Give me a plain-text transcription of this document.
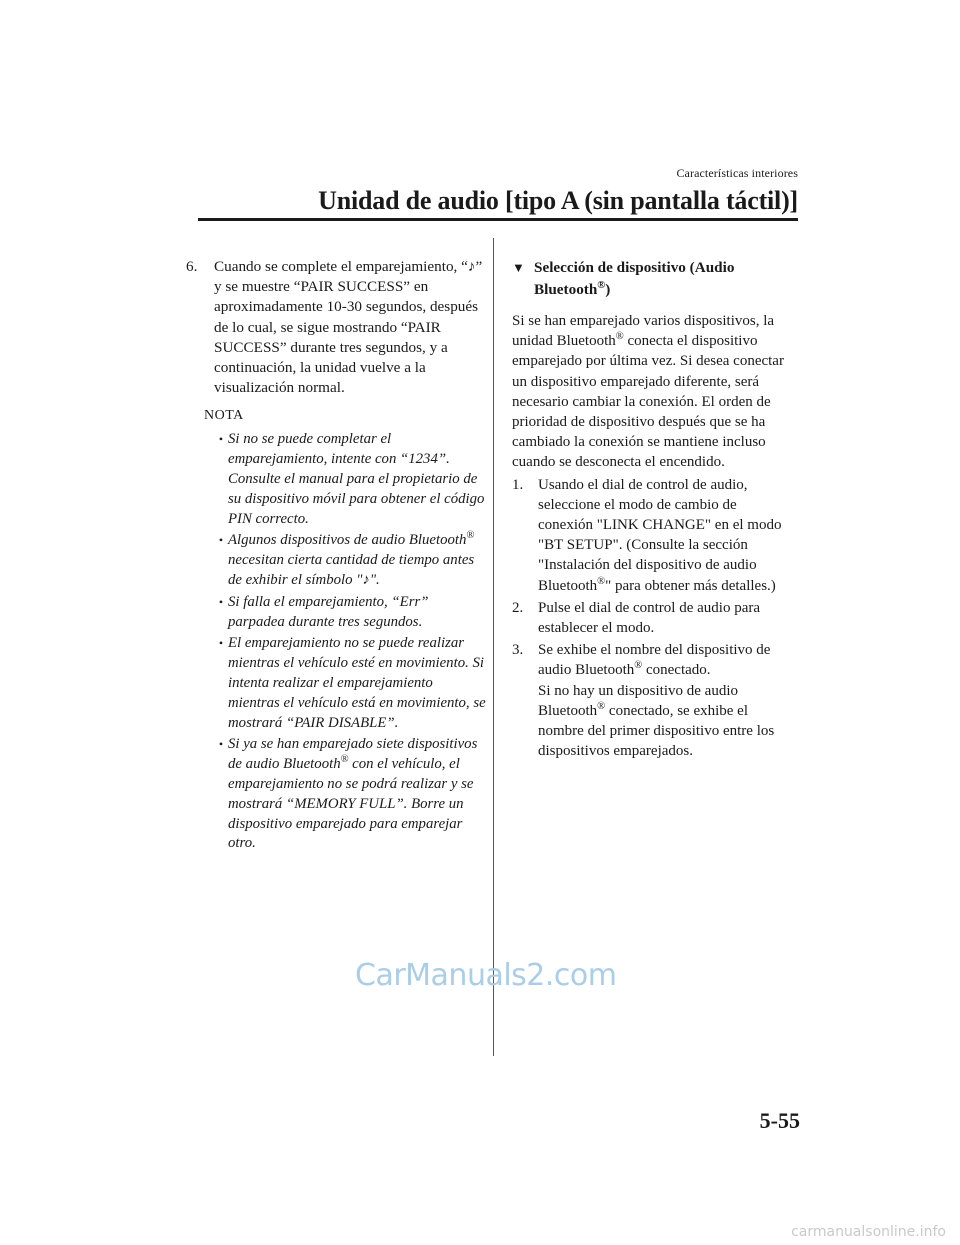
Características interiores
Unidad de audio [tipo A (sin pantalla táctil)]
6.	Cuando se complete el emparejamiento, “♪” y se muestre “PAIR SUCCESS” en aproximadamente 10-30 segundos, después de lo cual, se sigue mostrando “PAIR SUCCESS” durante tres segundos, y a continuación, la unidad vuelve a la visualización normal.
NOTA
• Si no se puede completar el emparejamiento, intente con “1234”. Consulte el manual para el propietario de su dispositivo móvil para obtener el código PIN correcto.
• Algunos dispositivos de audio Bluetooth® necesitan cierta cantidad de tiempo antes de exhibir el símbolo "♪".
• Si falla el emparejamiento, “Err” parpadea durante tres segundos.
• El emparejamiento no se puede realizar mientras el vehículo esté en movimiento. Si intenta realizar el emparejamiento mientras el vehículo está en movimiento, se mostrará “PAIR DISABLE”.
• Si ya se han emparejado siete dispositivos de audio Bluetooth® con el vehículo, el emparejamiento no se podrá realizar y se mostrará “MEMORY FULL”. Borre un dispositivo emparejado para emparejar otro.
▼ Selección de dispositivo (Audio Bluetooth®)
Si se han emparejado varios dispositivos, la unidad Bluetooth® conecta el dispositivo emparejado por última vez. Si desea conectar un dispositivo emparejado diferente, será necesario cambiar la conexión. El orden de prioridad de dispositivo después que se ha cambiado la conexión se mantiene incluso cuando se desconecta el encendido.
1. Usando el dial de control de audio, seleccione el modo de cambio de conexión "LINK CHANGE" en el modo "BT SETUP". (Consulte la sección "Instalación del dispositivo de audio Bluetooth®" para obtener más detalles.)
2. Pulse el dial de control de audio para establecer el modo.
3. Se exhibe el nombre del dispositivo de audio Bluetooth® conectado.
Si no hay un dispositivo de audio Bluetooth® conectado, se exhibe el nombre del primer dispositivo entre los dispositivos emparejados.
CarManuals2.com
5-55
carmanualsonline.info
